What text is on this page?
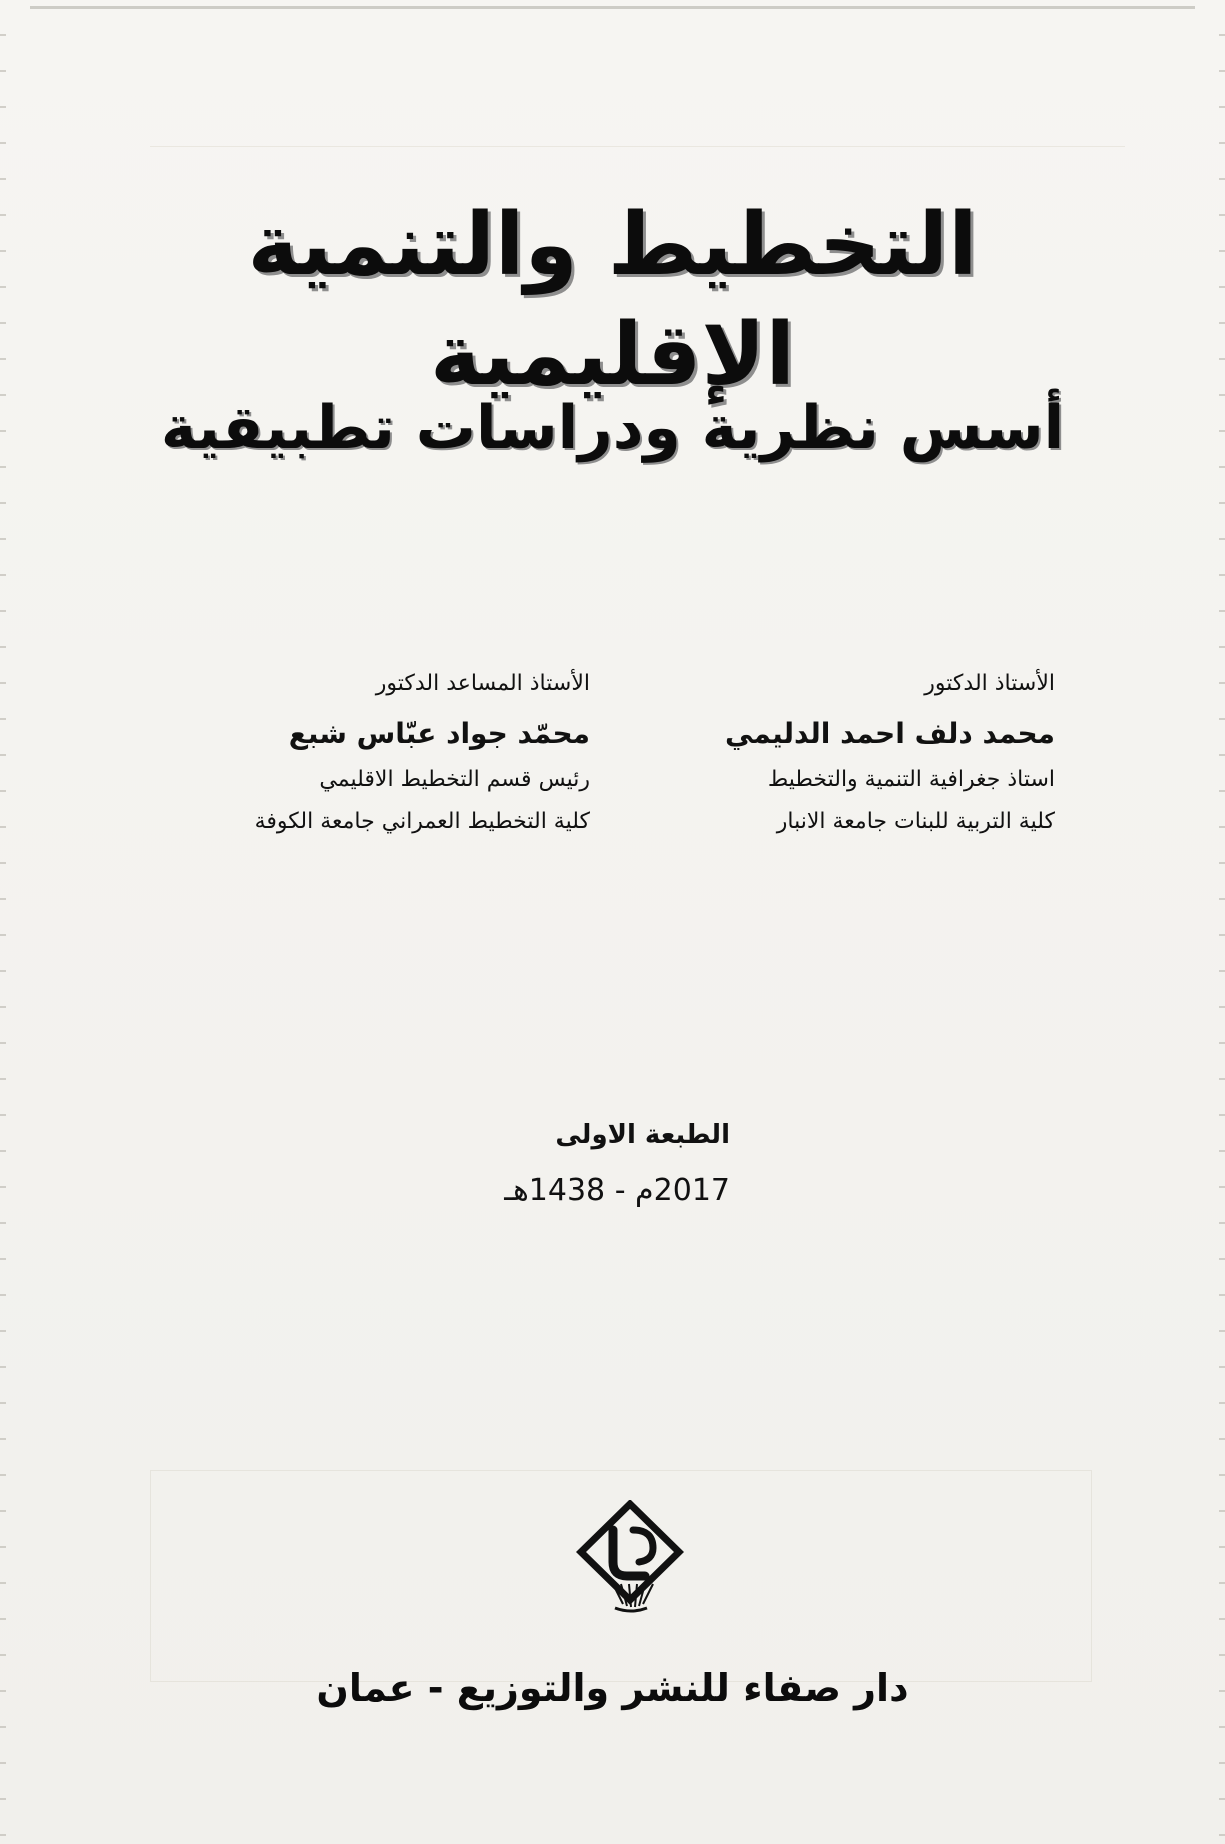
التخطيط والتنمية الإقليمية
أسس نظرية ودراسات تطبيقية
الأستاذ الدكتور
محمد دلف احمد الدليمي
استاذ جغرافية التنمية والتخطيط
كلية التربية للبنات جامعة الانبار
الأستاذ المساعد الدكتور
محمّد جواد عبّاس شبع
رئيس قسم التخطيط الاقليمي
كلية التخطيط العمراني جامعة الكوفة
الطبعة الاولى
2017م - 1438هـ
دار صفاء للنشر والتوزيع - عمان
